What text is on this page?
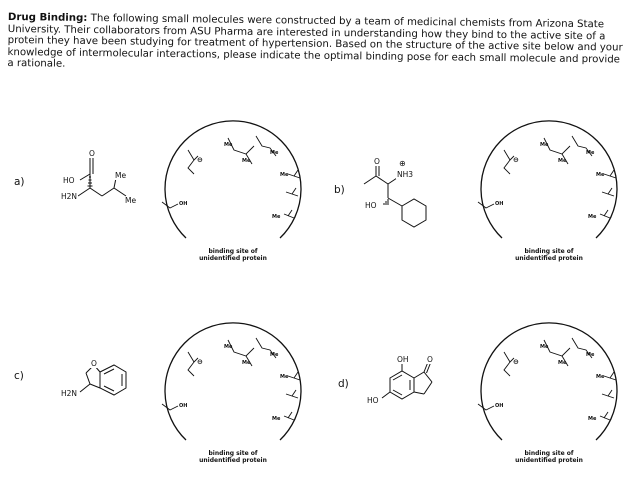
Drug Binding: The following small molecules were constructed by a team of medicinal chemists from Arizona State University. Their collaborators from ASU Pharma are interested in understanding how they bind to the active site of a protein they have been studying for treatment of hypertension. Based on the structure of the active site below and your knowledge of intermolecular interactions, please indicate the optimal binding pose for each small molecule and provide a rationale.

a)
O
HO
H2N
Me
Me
b)
O ⊕
NH3
HO
c)
O
H2N
d)
OH O
HO
⊖
Me
Me
Me
Me
Me
OH
binding site of
unidentified protein
⊖
Me
Me
Me
Me
Me
OH
binding site of
unidentified protein
⊖
Me
Me
Me
Me
Me
OH
binding site of
unidentified protein
⊖
Me
Me
Me
Me
Me
OH
binding site of
unidentified protein
